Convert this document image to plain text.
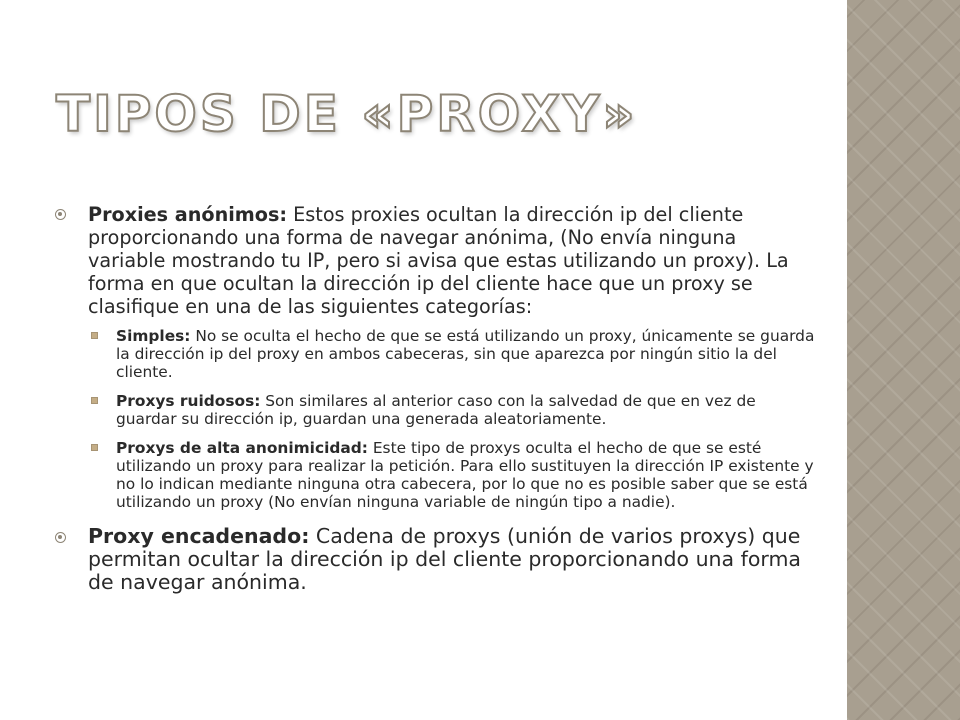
TIPOS DE «PROXY»
Proxies anónimos: Estos proxies ocultan la dirección ip del cliente proporcionando una forma de navegar anónima, (No envía ninguna variable mostrando tu IP, pero si avisa que estas utilizando un proxy). La forma en que ocultan la dirección ip del cliente hace que un proxy se clasifique en una de las siguientes categorías:
Simples: No se oculta el hecho de que se está utilizando un proxy, únicamente se guarda la dirección ip del proxy en ambos cabeceras, sin que aparezca por ningún sitio la del cliente.
Proxys ruidosos: Son similares al anterior caso con la salvedad de que en vez de guardar su dirección ip, guardan una generada aleatoriamente.
Proxys de alta anonimicidad: Este tipo de proxys oculta el hecho de que se esté utilizando un proxy para realizar la petición. Para ello sustituyen la dirección IP existente y no lo indican mediante ninguna otra cabecera, por lo que no es posible saber que se está utilizando un proxy (No envían ninguna variable de ningún tipo a nadie).
Proxy encadenado: Cadena de proxys (unión de varios proxys) que permitan ocultar la dirección ip del cliente proporcionando una forma de navegar anónima.
